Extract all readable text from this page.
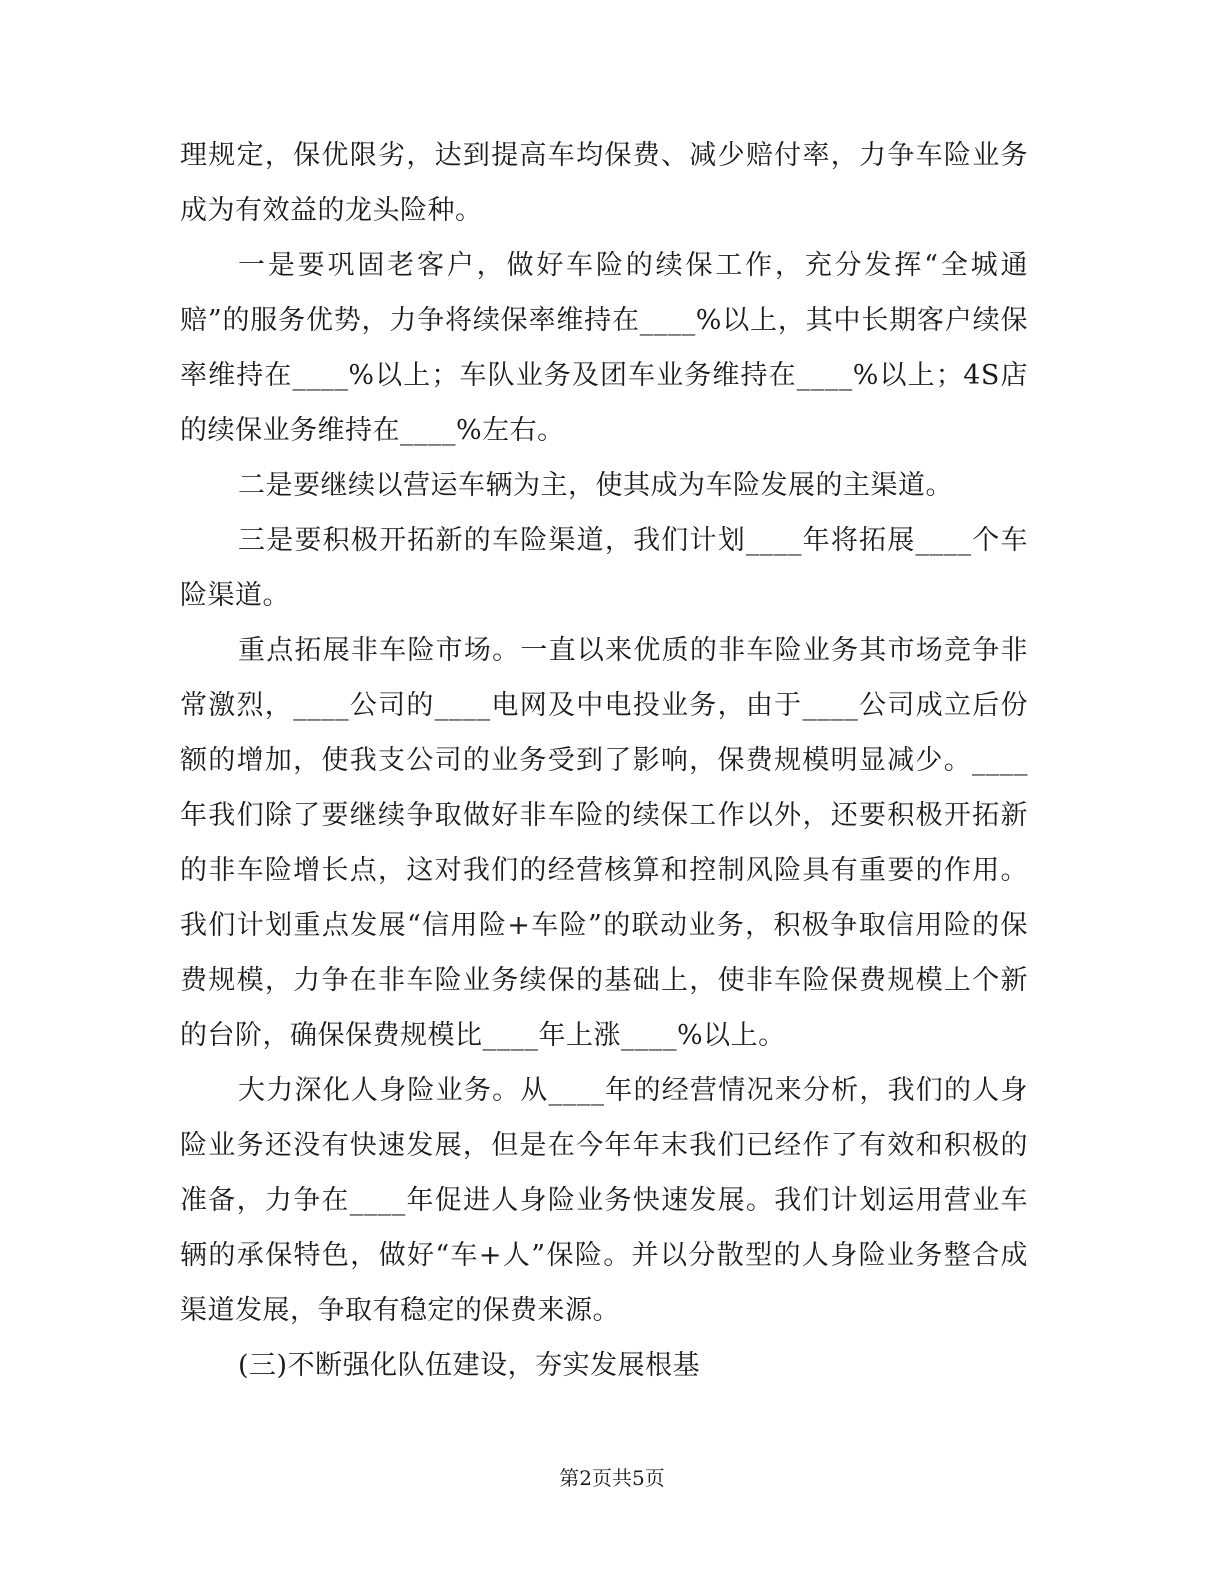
理规定，保优限劣，达到提高车均保费、减少赔付率，力争车险业务成为有效益的龙头险种。

一是要巩固老客户，做好车险的续保工作，充分发挥“全城通赔”的服务优势，力争将续保率维持在____%以上，其中长期客户续保率维持在____%以上；车队业务及团车业务维持在____%以上；4S店的续保业务维持在____%左右。

二是要继续以营运车辆为主，使其成为车险发展的主渠道。

三是要积极开拓新的车险渠道，我们计划____年将拓展____个车险渠道。

重点拓展非车险市场。一直以来优质的非车险业务其市场竞争非常激烈，____公司的____电网及中电投业务，由于____公司成立后份额的增加，使我支公司的业务受到了影响，保费规模明显减少。____年我们除了要继续争取做好非车险的续保工作以外，还要积极开拓新的非车险增长点，这对我们的经营核算和控制风险具有重要的作用。我们计划重点发展“信用险+车险”的联动业务，积极争取信用险的保费规模，力争在非车险业务续保的基础上，使非车险保费规模上个新的台阶，确保保费规模比____年上涨____%以上。

大力深化人身险业务。从____年的经营情况来分析，我们的人身险业务还没有快速发展，但是在今年年末我们已经作了有效和积极的准备，力争在____年促进人身险业务快速发展。我们计划运用营业车辆的承保特色，做好“车+人”保险。并以分散型的人身险业务整合成渠道发展，争取有稳定的保费来源。

(三)不断强化队伍建设，夯实发展根基

第2页共5页
